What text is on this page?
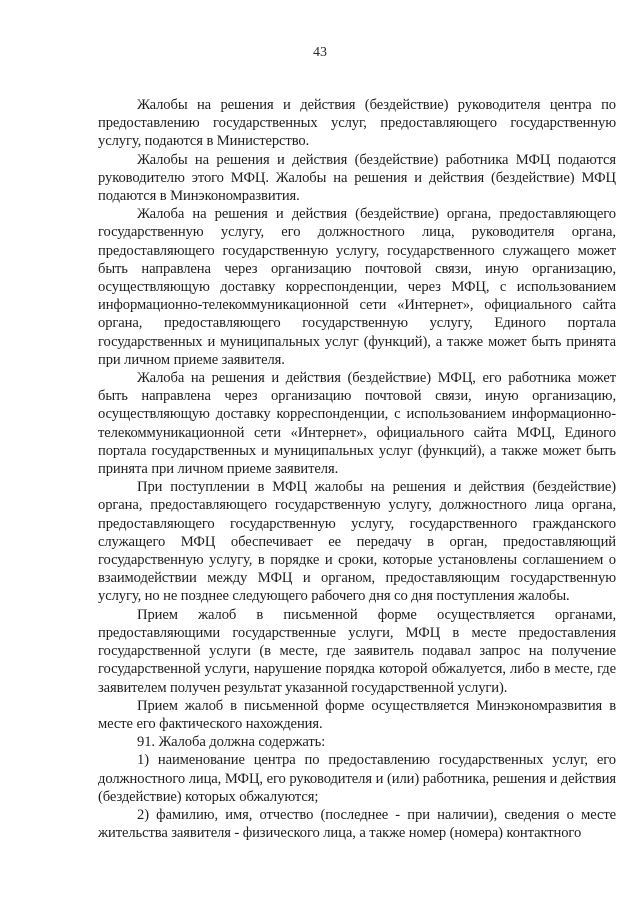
43

Жалобы на решения и действия (бездействие) руководителя центра по предоставлению государственных услуг, предоставляющего государственную услугу, подаются в Министерство.

Жалобы на решения и действия (бездействие) работника МФЦ подаются руководителю этого МФЦ. Жалобы на решения и действия (бездействие) МФЦ подаются в Минэкономразвития.

Жалоба на решения и действия (бездействие) органа, предоставляющего государственную услугу, его должностного лица, руководителя органа, предоставляющего государственную услугу, государственного служащего может быть направлена через организацию почтовой связи, иную организацию, осуществляющую доставку корреспонденции, через МФЦ, с использованием информационно-телекоммуникационной сети «Интернет», официального сайта органа, предоставляющего государственную услугу, Единого портала государственных и муниципальных услуг (функций), а также может быть принята при личном приеме заявителя.

Жалоба на решения и действия (бездействие) МФЦ, его работника может быть направлена через организацию почтовой связи, иную организацию, осуществляющую доставку корреспонденции, с использованием информационно-телекоммуникационной сети «Интернет», официального сайта МФЦ, Единого портала государственных и муниципальных услуг (функций), а также может быть принята при личном приеме заявителя.

При поступлении в МФЦ жалобы на решения и действия (бездействие) органа, предоставляющего государственную услугу, должностного лица органа, предоставляющего государственную услугу, государственного гражданского служащего МФЦ обеспечивает ее передачу в орган, предоставляющий государственную услугу, в порядке и сроки, которые установлены соглашением о взаимодействии между МФЦ и органом, предоставляющим государственную услугу, но не позднее следующего рабочего дня со дня поступления жалобы.

Прием жалоб в письменной форме осуществляется органами, предоставляющими государственные услуги, МФЦ в месте предоставления государственной услуги (в месте, где заявитель подавал запрос на получение государственной услуги, нарушение порядка которой обжалуется, либо в месте, где заявителем получен результат указанной государственной услуги).

Прием жалоб в письменной форме осуществляется Минэкономразвития в месте его фактического нахождения.

91. Жалоба должна содержать:

1) наименование центра по предоставлению государственных услуг, его должностного лица, МФЦ, его руководителя и (или) работника, решения и действия (бездействие) которых обжалуются;

2) фамилию, имя, отчество (последнее - при наличии), сведения о месте жительства заявителя - физического лица, а также номер (номера) контактного
